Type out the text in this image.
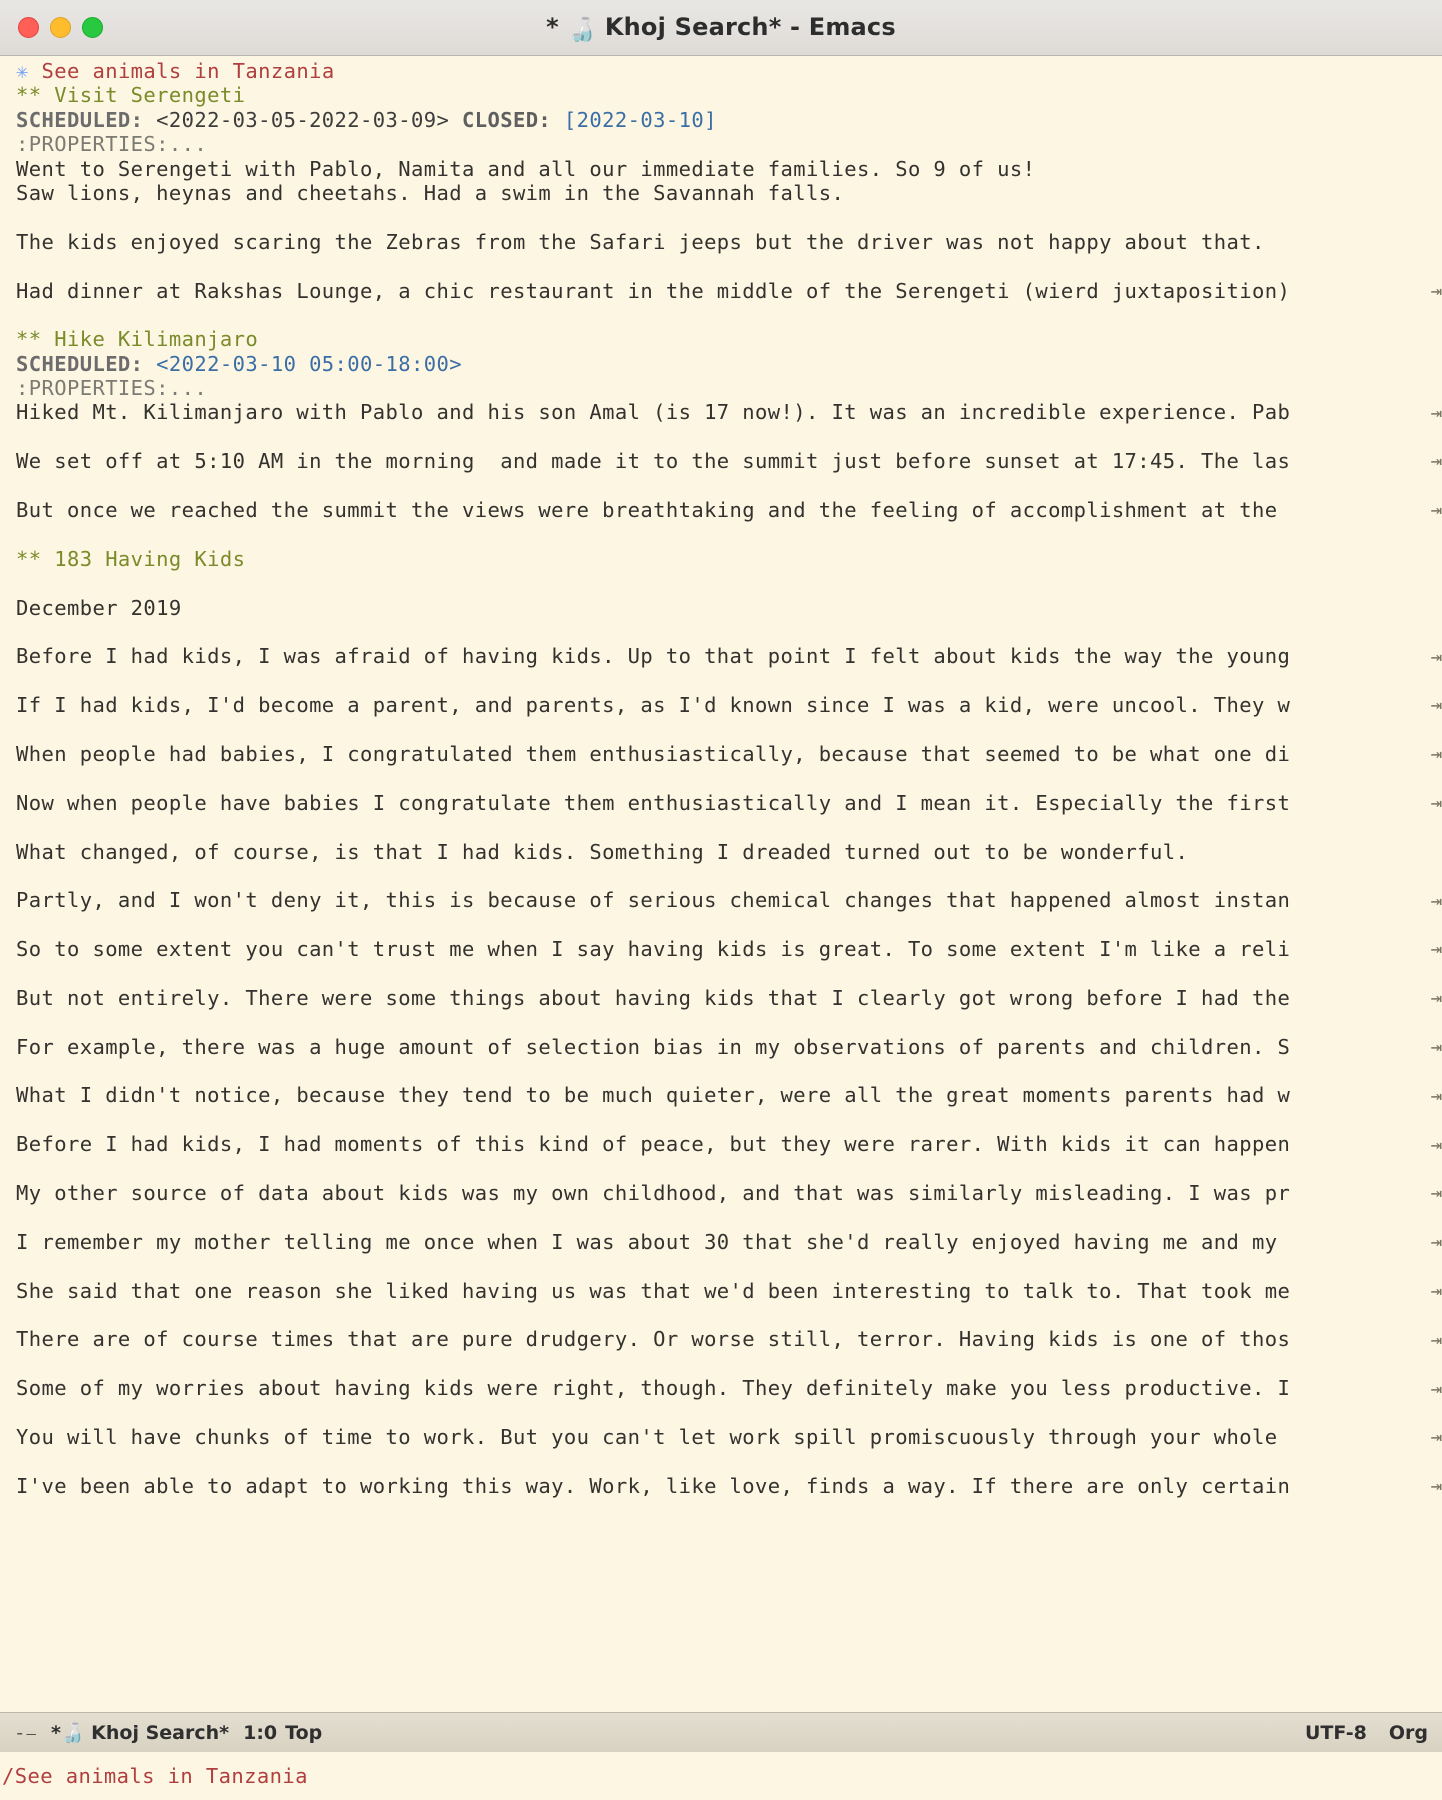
* 🍶 Khoj Search* - Emacs
✳ See animals in Tanzania
** Visit Serengeti
SCHEDULED: <2022-03-05-2022-03-09> CLOSED: [2022-03-10]
:PROPERTIES:...
Went to Serengeti with Pablo, Namita and all our immediate families. So 9 of us!
Saw lions, heynas and cheetahs. Had a swim in the Savannah falls.

The kids enjoyed scaring the Zebras from the Safari jeeps but the driver was not happy about that.

Had dinner at Rakshas Lounge, a chic restaurant in the middle of the Serengeti (wierd juxtaposition)

** Hike Kilimanjaro
SCHEDULED: <2022-03-10 05:00-18:00>
:PROPERTIES:...
Hiked Mt. Kilimanjaro with Pablo and his son Amal (is 17 now!). It was an incredible experience. Pab

We set off at 5:10 AM in the morning  and made it to the summit just before sunset at 17:45. The las

But once we reached the summit the views were breathtaking and the feeling of accomplishment at the

** 183 Having Kids

December 2019

Before I had kids, I was afraid of having kids. Up to that point I felt about kids the way the young

If I had kids, I'd become a parent, and parents, as I'd known since I was a kid, were uncool. They w

When people had babies, I congratulated them enthusiastically, because that seemed to be what one di

Now when people have babies I congratulate them enthusiastically and I mean it. Especially the first

What changed, of course, is that I had kids. Something I dreaded turned out to be wonderful.

Partly, and I won't deny it, this is because of serious chemical changes that happened almost instan

So to some extent you can't trust me when I say having kids is great. To some extent I'm like a reli

But not entirely. There were some things about having kids that I clearly got wrong before I had the

For example, there was a huge amount of selection bias in my observations of parents and children. S

What I didn't notice, because they tend to be much quieter, were all the great moments parents had w

Before I had kids, I had moments of this kind of peace, but they were rarer. With kids it can happen

My other source of data about kids was my own childhood, and that was similarly misleading. I was pr

I remember my mother telling me once when I was about 30 that she'd really enjoyed having me and my

She said that one reason she liked having us was that we'd been interesting to talk to. That took me

There are of course times that are pure drudgery. Or worse still, terror. Having kids is one of thos

Some of my worries about having kids were right, though. They definitely make you less productive. I

You will have chunks of time to work. But you can't let work spill promiscuously through your whole

I've been able to adapt to working this way. Work, like love, finds a way. If there are only certain
⇥
⇥
⇥
⇥
⇥
⇥
⇥
⇥
⇥
⇥
⇥
⇥
⇥
⇥
⇥
⇥
⇥
⇥
⇥
⇥
⇥
-⎯ *🍶 Khoj Search* 1:0 Top	UTF-8 Org
/See animals in Tanzania
